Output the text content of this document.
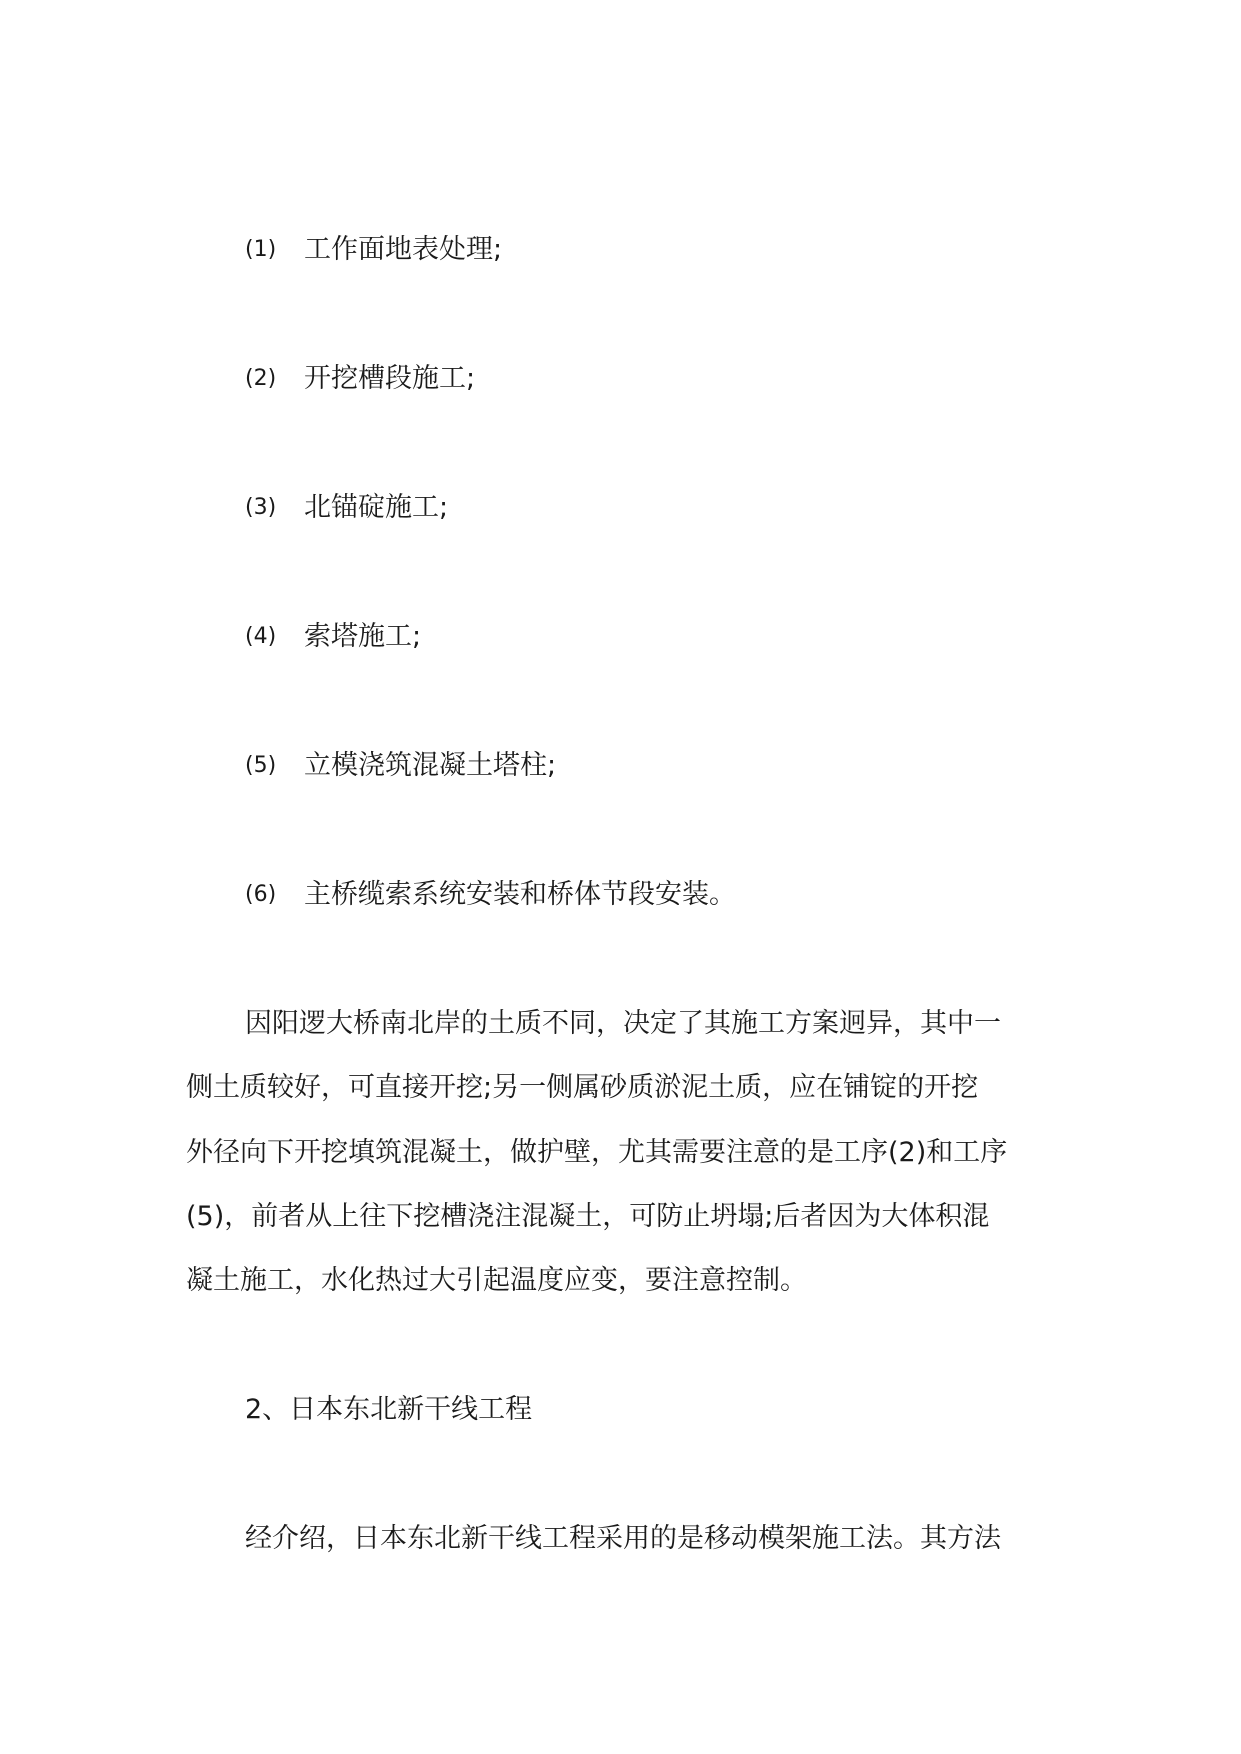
(1) 工作面地表处理;
(2) 开挖槽段施工;
(3) 北锚碇施工;
(4) 索塔施工;
(5) 立模浇筑混凝土塔柱;
(6) 主桥缆索系统安装和桥体节段安装。
因阳逻大桥南北岸的土质不同，决定了其施工方案迥异，其中一
侧土质较好，可直接开挖;另一侧属砂质淤泥土质，应在铺锭的开挖
外径向下开挖填筑混凝土，做护壁，尤其需要注意的是工序(2)和工序
(5)，前者从上往下挖槽浇注混凝土，可防止坍塌;后者因为大体积混
凝土施工，水化热过大引起温度应变，要注意控制。
2、日本东北新干线工程
经介绍，日本东北新干线工程采用的是移动模架施工法。其方法
